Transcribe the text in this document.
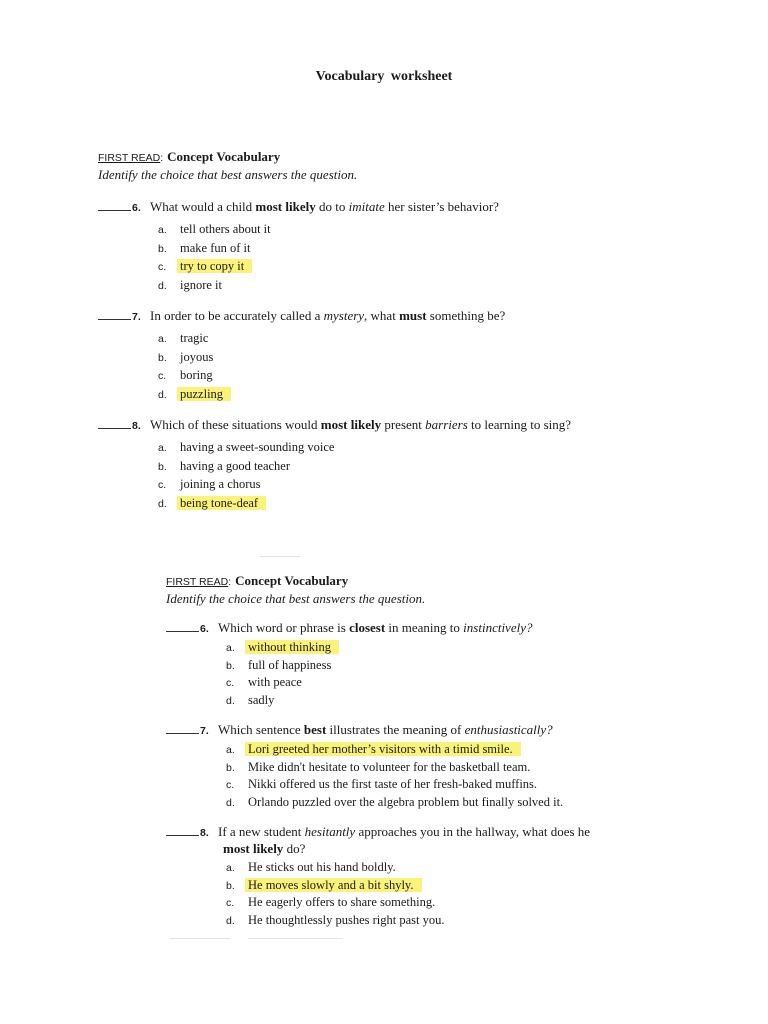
Vocabulary worksheet
FIRST READ: Concept Vocabulary
Identify the choice that best answers the question.
6. What would a child most likely do to imitate her sister’s behavior?
a. tell others about it
b. make fun of it
c. try to copy it
d. ignore it
7. In order to be accurately called a mystery, what must something be?
a. tragic
b. joyous
c. boring
d. puzzling
8. Which of these situations would most likely present barriers to learning to sing?
a. having a sweet-sounding voice
b. having a good teacher
c. joining a chorus
d. being tone-deaf
FIRST READ: Concept Vocabulary
Identify the choice that best answers the question.
6. Which word or phrase is closest in meaning to instinctively?
a. without thinking
b. full of happiness
c. with peace
d. sadly
7. Which sentence best illustrates the meaning of enthusiastically?
a. Lori greeted her mother’s visitors with a timid smile.
b. Mike didn't hesitate to volunteer for the basketball team.
c. Nikki offered us the first taste of her fresh-baked muffins.
d. Orlando puzzled over the algebra problem but finally solved it.
8. If a new student hesitantly approaches you in the hallway, what does he
most likely do?
a. He sticks out his hand boldly.
b. He moves slowly and a bit shyly.
c. He eagerly offers to share something.
d. He thoughtlessly pushes right past you.
